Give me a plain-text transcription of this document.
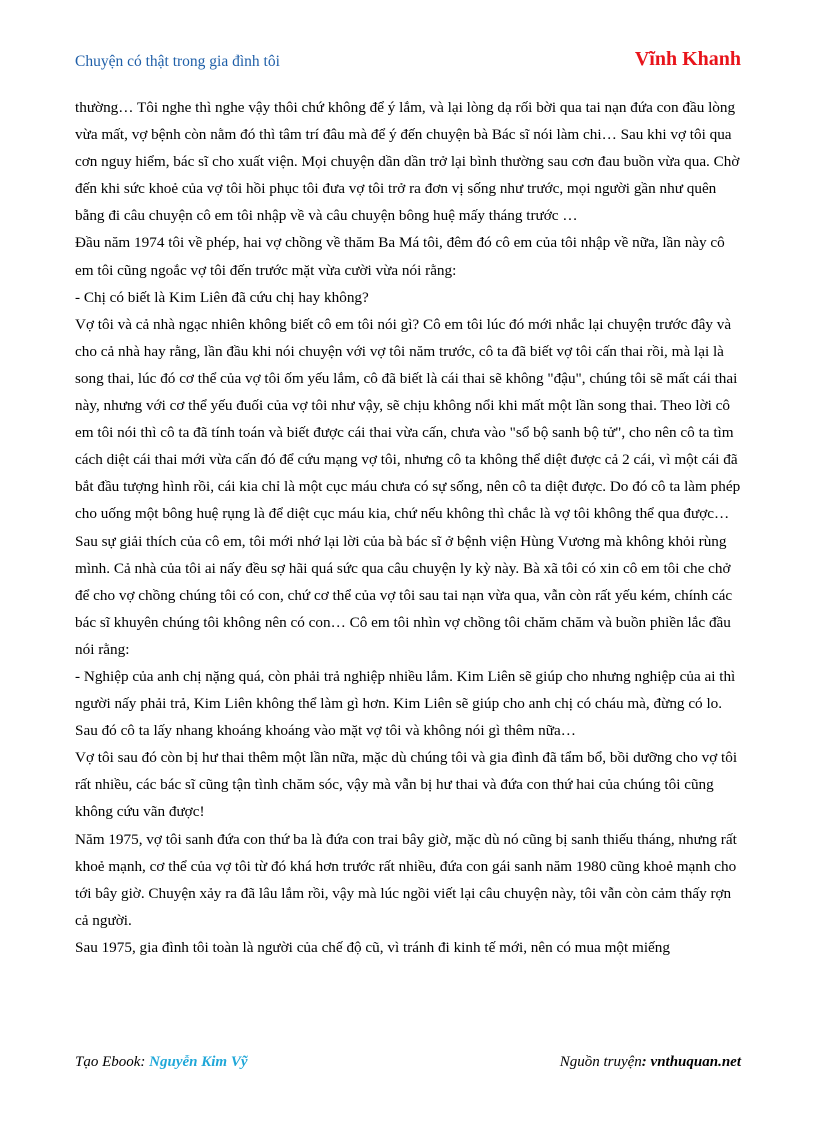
Chuyện có thật trong gia đình tôi	Vĩnh Khanh

thường… Tôi nghe thì nghe vậy thôi chứ không để ý lắm, và lại lòng dạ rối bời qua tai nạn đứa con đầu lòng vừa mất, vợ bệnh còn nằm đó thì tâm trí đâu mà để ý đến chuyện bà Bác sĩ nói làm chi… Sau khi vợ tôi qua cơn nguy hiểm, bác sĩ cho xuất viện. Mọi chuyện dần dần trở lại bình thường sau cơn đau buồn vừa qua. Chờ đến khi sức khoẻ của vợ tôi hồi phục tôi đưa vợ tôi trở ra đơn vị sống như trước, mọi người gần như quên bẵng đi câu chuyện cô em tôi nhập về và câu chuyện bông huệ mấy tháng trước …

Đầu năm 1974 tôi về phép, hai vợ chồng về thăm Ba Má tôi, đêm đó cô em của tôi nhập về nữa, lần này cô em tôi cũng ngoắc vợ tôi đến trước mặt vừa cười vừa nói rằng:

- Chị có biết là Kim Liên đã cứu chị hay không?

Vợ tôi và cả nhà ngạc nhiên không biết cô em tôi nói gì? Cô em tôi lúc đó mới nhắc lại chuyện trước đây và cho cả nhà hay rằng, lần đầu khi nói chuyện với vợ tôi năm trước, cô ta đã biết vợ tôi cấn thai rồi, mà lại là song thai, lúc đó cơ thể của vợ tôi ốm yếu lắm, cô đã biết là cái thai sẽ không "đậu", chúng tôi sẽ mất cái thai này, nhưng với cơ thể yếu đuối của vợ tôi như vậy, sẽ chịu không nổi khi mất một lần song thai. Theo lời cô em tôi nói thì cô ta đã tính toán và biết được cái thai vừa cấn, chưa vào "sổ bộ sanh bộ tử", cho nên cô ta tìm cách diệt cái thai mới vừa cấn đó để cứu mạng vợ tôi, nhưng cô ta không thể diệt được cả 2 cái, vì một cái đã bắt đầu tượng hình rồi, cái kia chỉ là một cục máu chưa có sự sống, nên cô ta diệt được. Do đó cô ta làm phép cho uống một bông huệ rụng là để diệt cục máu kia, chứ nếu không thì chắc là vợ tôi không thể qua được… Sau sự giải thích của cô em, tôi mới nhớ lại lời của bà bác sĩ ở bệnh viện Hùng Vương mà không khỏi rùng mình. Cả nhà của tôi ai nấy đều sợ hãi quá sức qua câu chuyện ly kỳ này. Bà xã tôi có xin cô em tôi che chở để cho vợ chồng chúng tôi có con, chứ cơ thể của vợ tôi sau tai nạn vừa qua, vẫn còn rất yếu kém, chính các bác sĩ khuyên chúng tôi không nên có con… Cô em tôi nhìn vợ chồng tôi chăm chăm và buồn phiền lắc đầu nói rằng:

- Nghiệp của anh chị nặng quá, còn phải trả nghiệp nhiều lắm. Kim Liên sẽ giúp cho nhưng nghiệp của ai thì người nấy phải trả, Kim Liên không thể làm gì hơn. Kim Liên sẽ giúp cho anh chị có cháu mà, đừng có lo. Sau đó cô ta lấy nhang khoáng khoáng vào mặt vợ tôi và không nói gì thêm nữa…

Vợ tôi sau đó còn bị hư thai thêm một lần nữa, mặc dù chúng tôi và gia đình đã tẩm bổ, bồi dưỡng cho vợ tôi rất nhiều, các bác sĩ cũng tận tình chăm sóc, vậy mà vẫn bị hư thai và đứa con thứ hai của chúng tôi cũng không cứu vãn được!

Năm 1975, vợ tôi sanh đứa con thứ ba là đứa con trai bây giờ, mặc dù nó cũng bị sanh thiếu tháng, nhưng rất khoẻ mạnh, cơ thể của vợ tôi từ đó khá hơn trước rất nhiều, đứa con gái sanh năm 1980 cũng khoẻ mạnh cho tới bây giờ. Chuyện xảy ra đã lâu lắm rồi, vậy mà lúc ngồi viết lại câu chuyện này, tôi vẫn còn cảm thấy rợn cả người.

Sau 1975, gia đình tôi toàn là người của chế độ cũ, vì tránh đi kinh tế mới, nên có mua một miếng

Tạo Ebook: Nguyễn Kim Vỹ	Nguồn truyện: vnthuquan.net
